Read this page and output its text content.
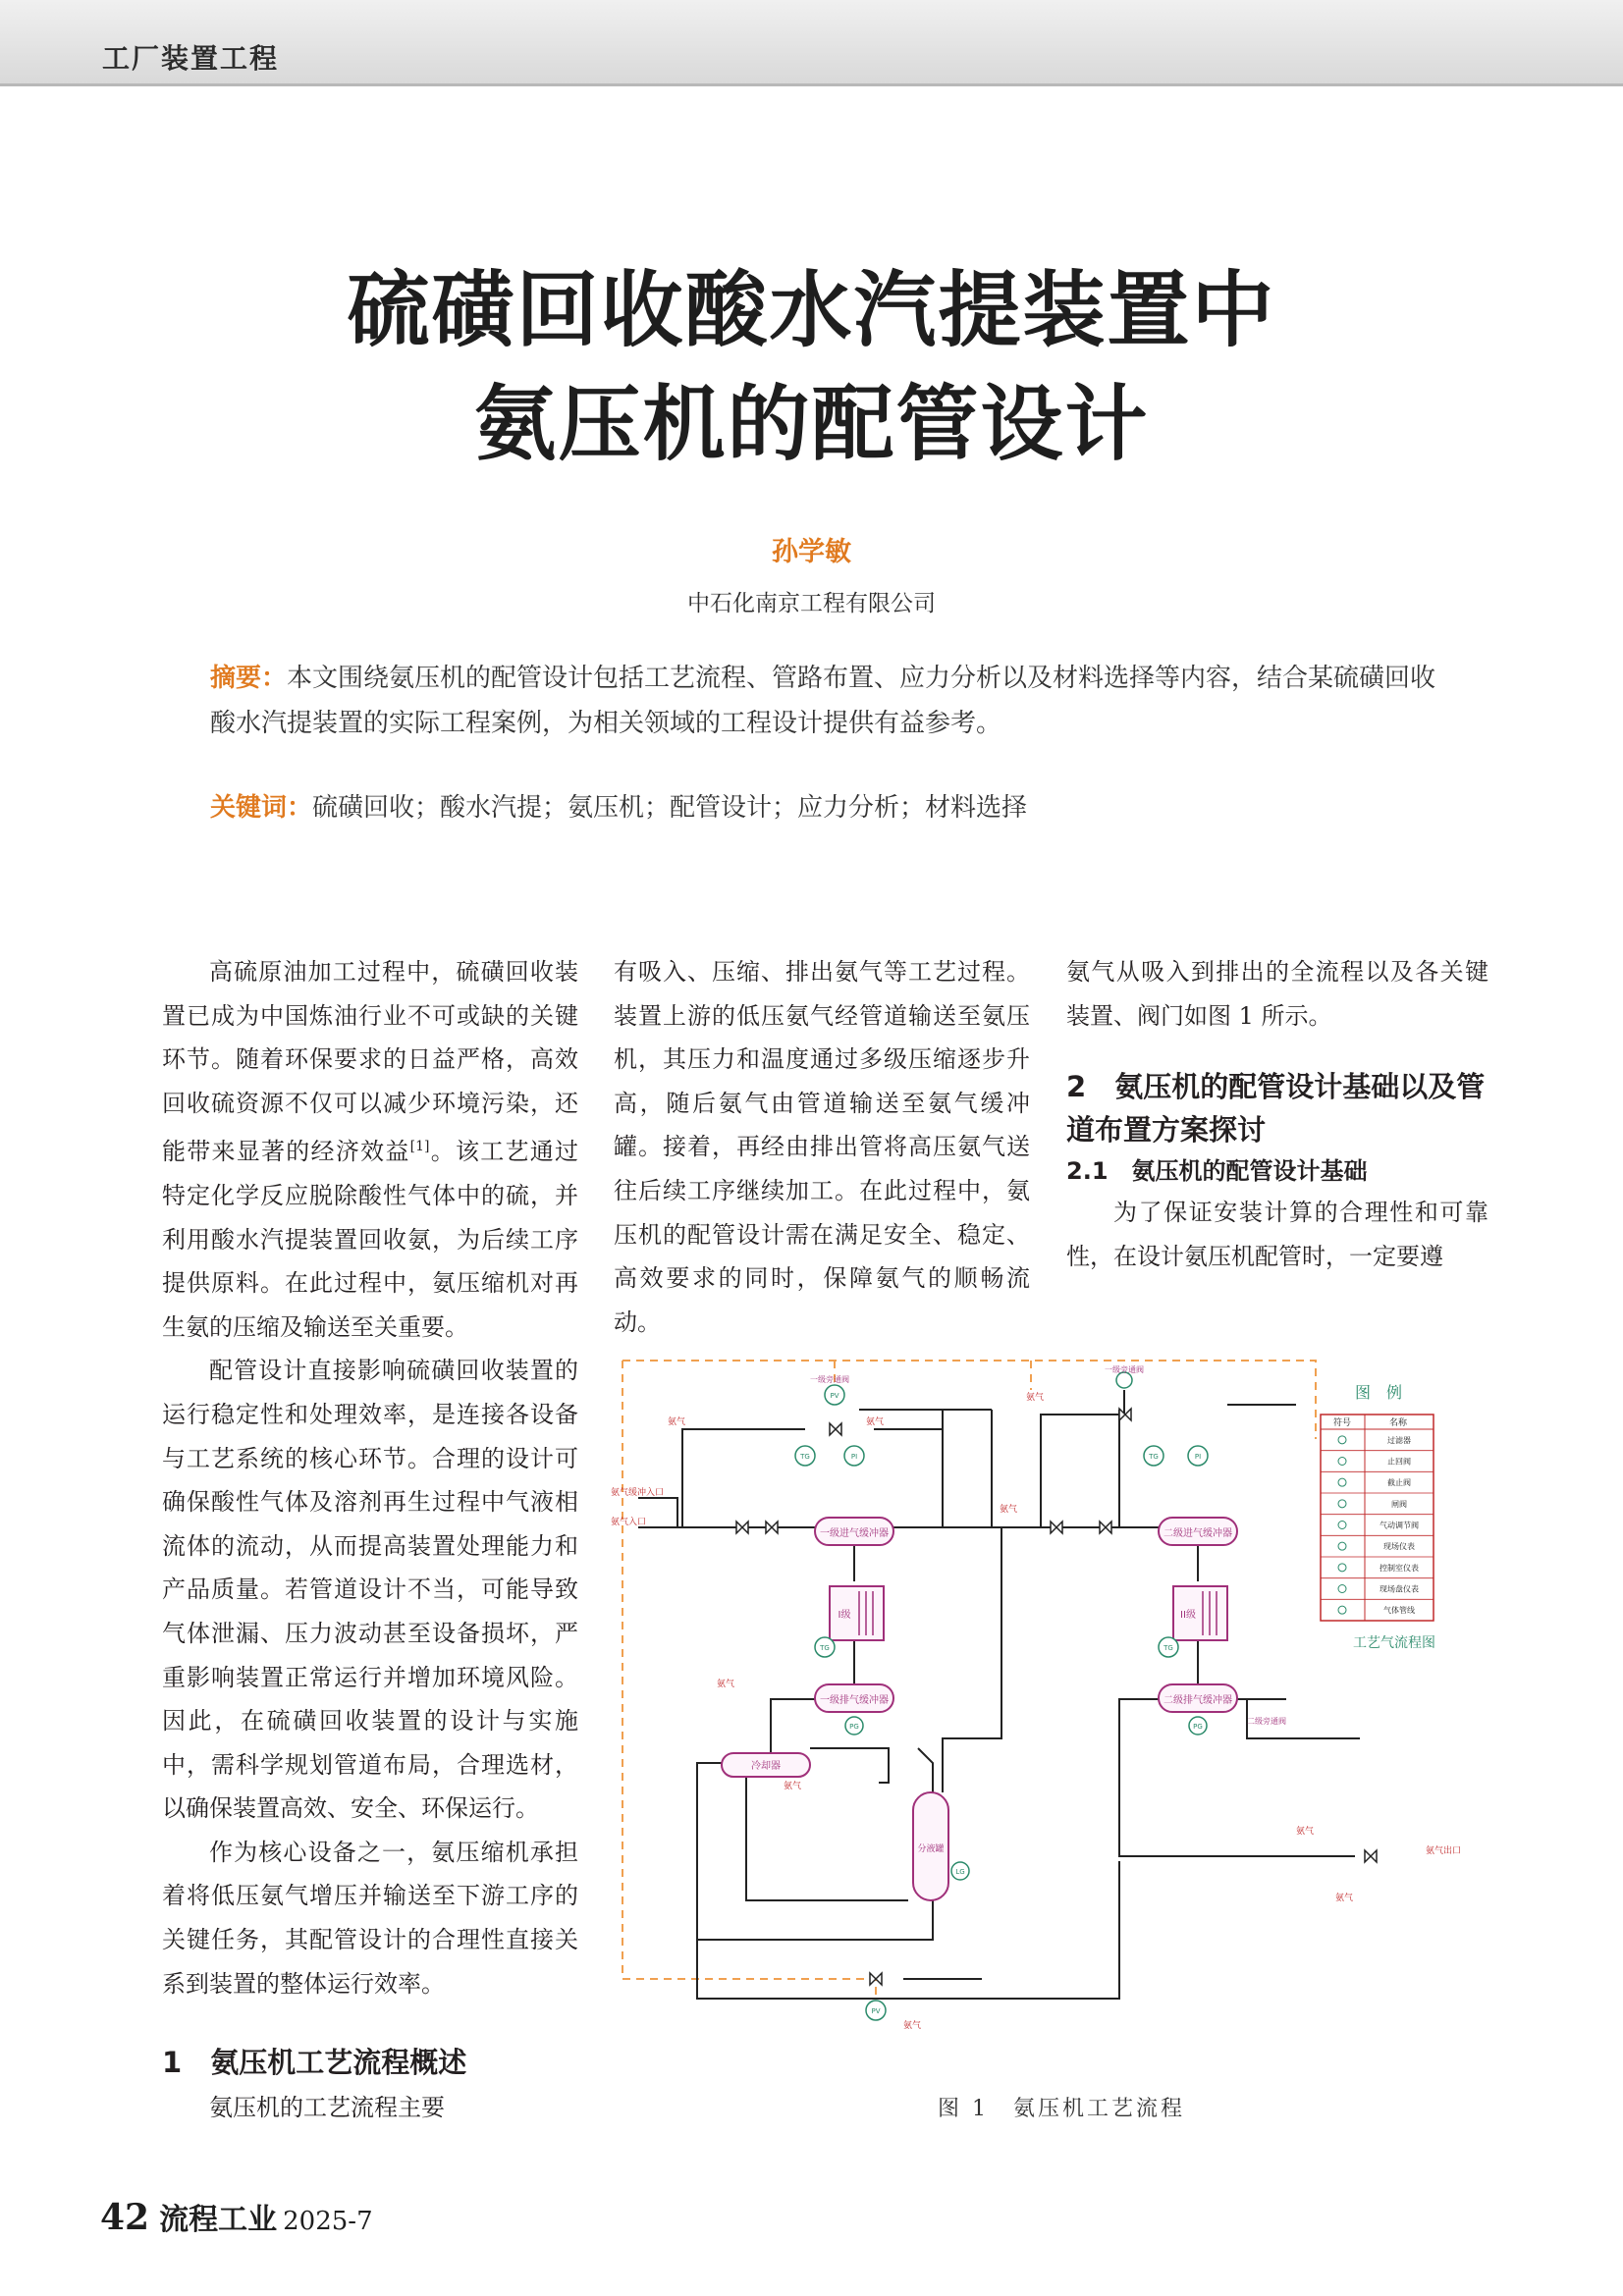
工厂装置工程
硫磺回收酸水汽提装置中
氨压机的配管设计
孙学敏
中石化南京工程有限公司
摘要：本文围绕氨压机的配管设计包括工艺流程、管路布置、应力分析以及材料选择等内容，结合某硫磺回收酸水汽提装置的实际工程案例，为相关领域的工程设计提供有益参考。
关键词：硫磺回收；酸水汽提；氨压机；配管设计；应力分析；材料选择

高硫原油加工过程中，硫磺回收装置已成为中国炼油行业不可或缺的关键环节。随着环保要求的日益严格，高效回收硫资源不仅可以减少环境污染，还能带来显著的经济效益[1]。该工艺通过特定化学反应脱除酸性气体中的硫，并利用酸水汽提装置回收氨，为后续工序提供原料。在此过程中，氨压缩机对再生氨的压缩及输送至关重要。

配管设计直接影响硫磺回收装置的运行稳定性和处理效率，是连接各设备与工艺系统的核心环节。合理的设计可确保酸性气体及溶剂再生过程中气液相流体的流动，从而提高装置处理能力和产品质量。若管道设计不当，可能导致气体泄漏、压力波动甚至设备损坏，严重影响装置正常运行并增加环境风险。因此，在硫磺回收装置的设计与实施中，需科学规划管道布局，合理选材，以确保装置高效、安全、环保运行。

作为核心设备之一，氨压缩机承担着将低压氨气增压并输送至下游工序的关键任务，其配管设计的合理性直接关系到装置的整体运行效率。

1　 氨压机工艺流程概述

氨压机的工艺流程主要

有吸入、压缩、排出氨气等工艺过程。装置上游的低压氨气经管道输送至氨压机，其压力和温度通过多级压缩逐步升高，随后氨气由管道输送至氨气缓冲罐。接着，再经由排出管将高压氨气送往后续工序继续加工。在此过程中，氨压机的配管设计需在满足安全、稳定、高效要求的同时，保障氨气的顺畅流动。

氨气从吸入到排出的全流程以及各关键装置、阀门如图 1 所示。

2　 氨压机的配管设计基础以及管道布置方案探讨
2.1　 氨压机的配管设计基础

为了保证安装计算的合理性和可靠性，在设计氨压机配管时，一定要遵

一级进气缓冲器	二级进气缓冲器
一级排气缓冲器	二级排气缓冲器
I级	II级
冷却器
分液罐
TG	PI	TG	PI
TG	TG
PG	PG
LG
PV
PV
氨气缓冲入口
氨气入口
氨气出口
氨气	氨气
氨气
氨气
氨气
氨气
氨气
氨气
氨气
一级旁通阀
一级旁通阀
二级旁通阀
图　例
符号	名称
过滤器
止回阀
截止阀
闸阀
气动调节阀
现场仪表
控制室仪表
现场盘仪表
气体管线
工艺气流程图
图 1　氨压机工艺流程
42 流程工业 2025-7
